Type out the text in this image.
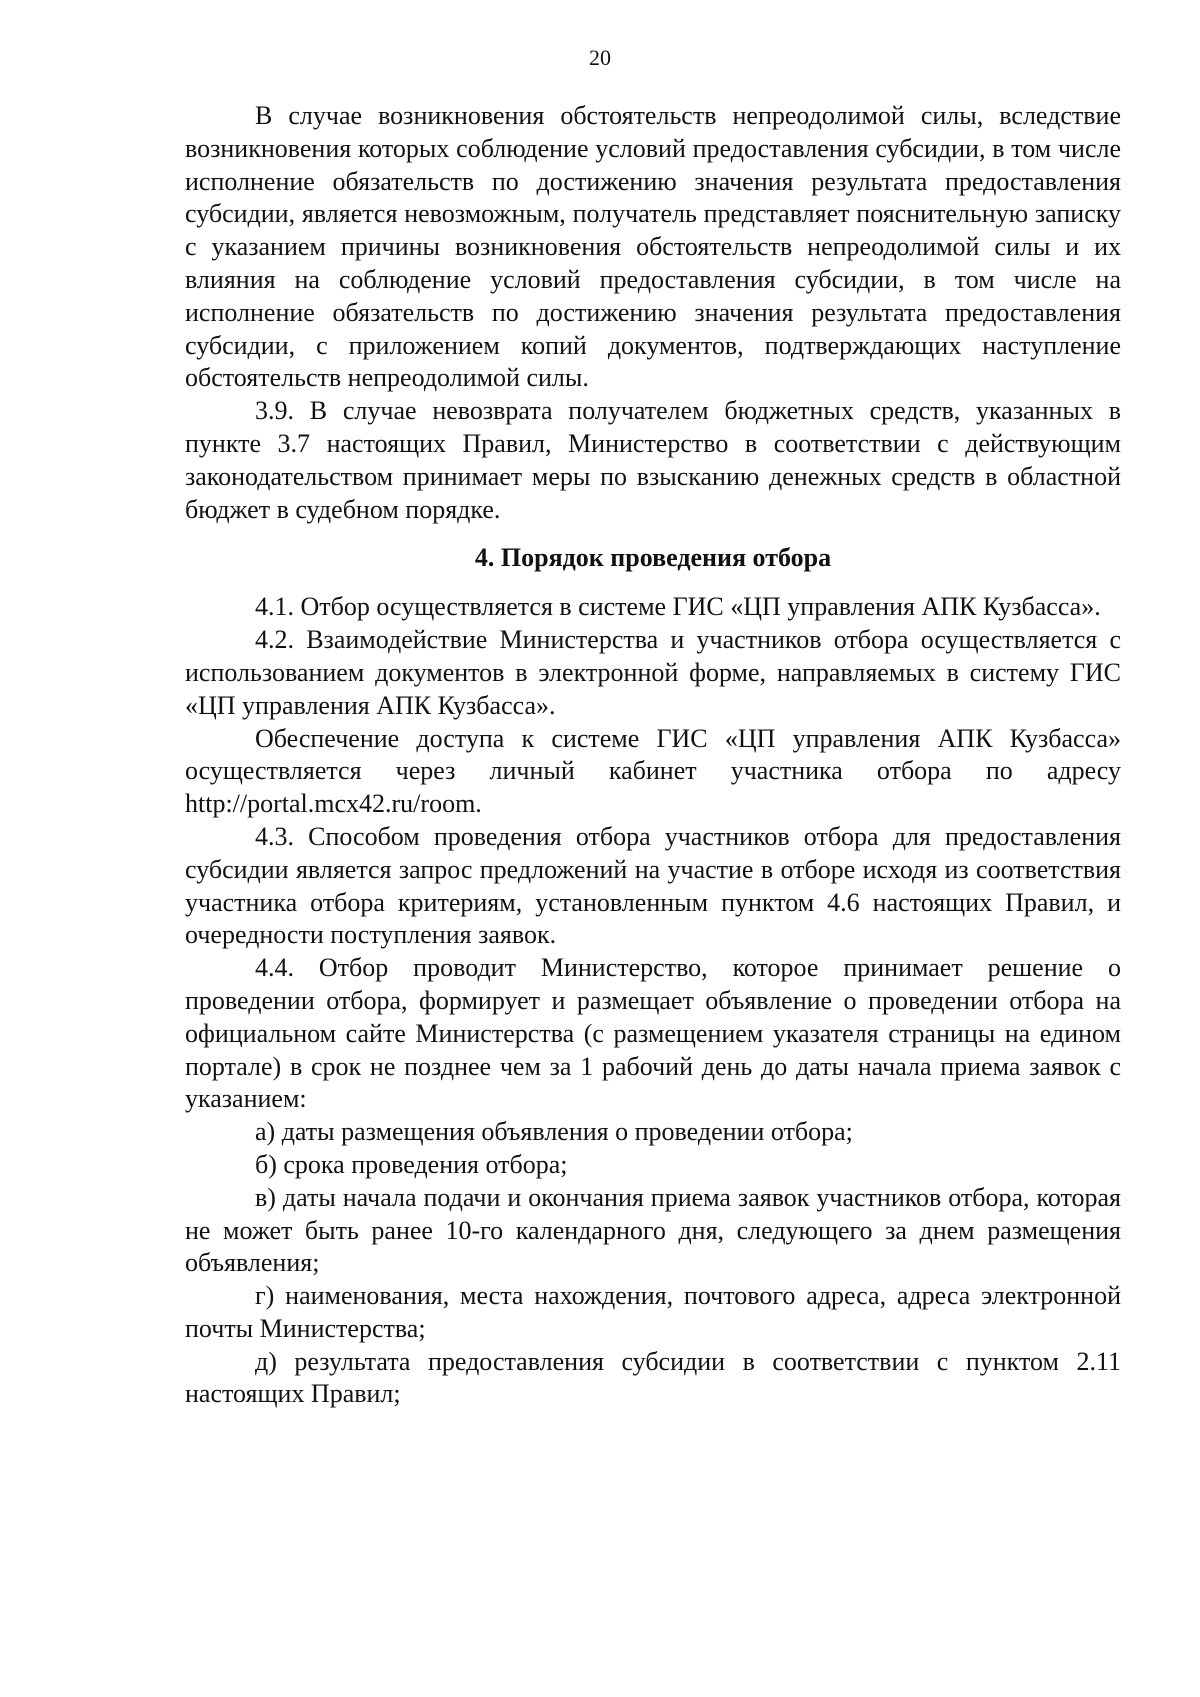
20

В случае возникновения обстоятельств непреодолимой силы, вследствие возникновения которых соблюдение условий предоставления субсидии, в том числе исполнение обязательств по достижению значения результата предоставления субсидии, является невозможным, получатель представляет пояснительную записку с указанием причины возникновения обстоятельств непреодолимой силы и их влияния на соблюдение условий предоставления субсидии, в том числе на исполнение обязательств по достижению значения результата предоставления субсидии, с приложением копий документов, подтверждающих наступление обстоятельств непреодолимой силы.

3.9. В случае невозврата получателем бюджетных средств, указанных в пункте 3.7 настоящих Правил, Министерство в соответствии с действующим законодательством принимает меры по взысканию денежных средств в областной бюджет в судебном порядке.

4. Порядок проведения отбора

4.1. Отбор осуществляется в системе ГИС «ЦП управления АПК Кузбасса».

4.2. Взаимодействие Министерства и участников отбора осуществляется с использованием документов в электронной форме, направляемых в систему ГИС «ЦП управления АПК Кузбасса».

Обеспечение доступа к системе ГИС «ЦП управления АПК Кузбасса» осуществляется через личный кабинет участника отбора по адресу http://portal.mcx42.ru/room.

4.3. Способом проведения отбора участников отбора для предоставления субсидии является запрос предложений на участие в отборе исходя из соответствия участника отбора критериям, установленным пунктом 4.6 настоящих Правил, и очередности поступления заявок.

4.4. Отбор проводит Министерство, которое принимает решение о проведении отбора, формирует и размещает объявление о проведении отбора на официальном сайте Министерства (с размещением указателя страницы на едином портале) в срок не позднее чем за 1 рабочий день до даты начала приема заявок с указанием:

а) даты размещения объявления о проведении отбора;

б) срока проведения отбора;

в) даты начала подачи и окончания приема заявок участников отбора, которая не может быть ранее 10-го календарного дня, следующего за днем размещения объявления;

г) наименования, места нахождения, почтового адреса, адреса электронной почты Министерства;

д) результата предоставления субсидии в соответствии с пунктом 2.11 настоящих Правил;
